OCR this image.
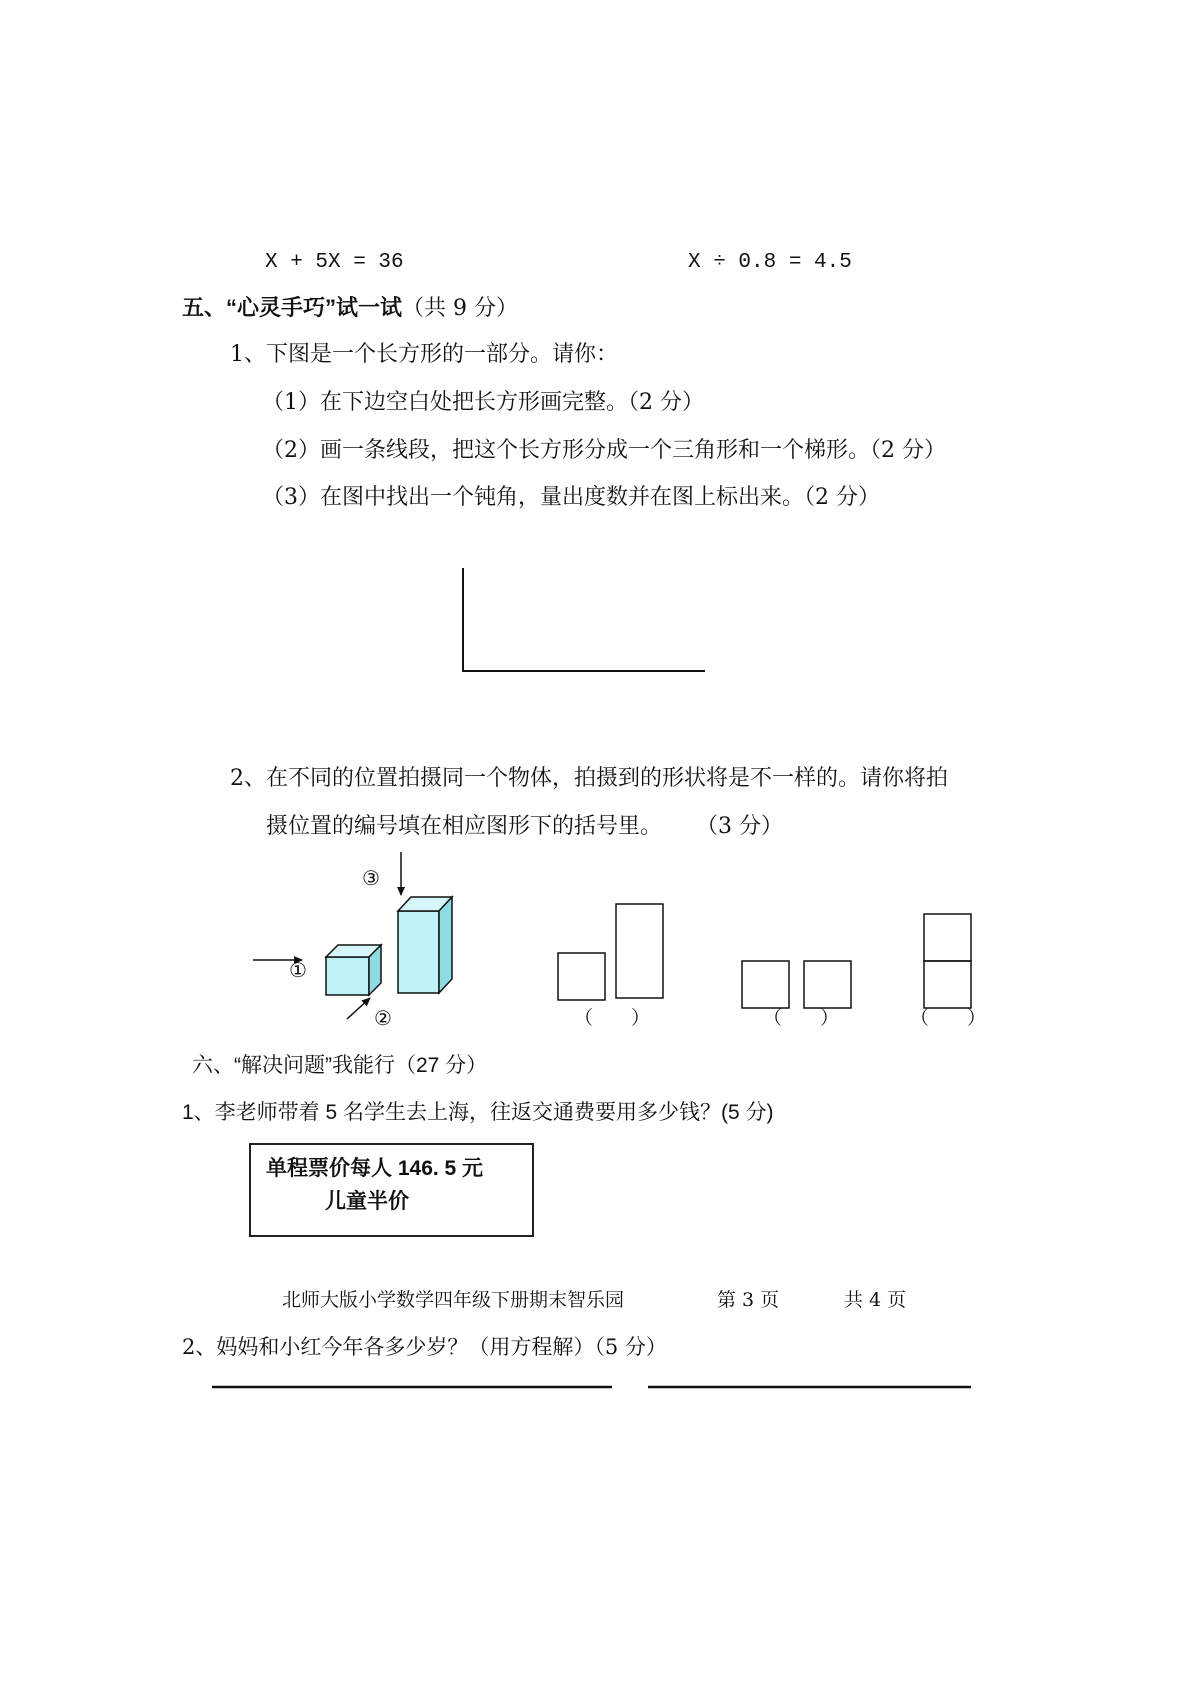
X + 5X = 36	X ÷ 0.8 = 4.5
五、“心灵手巧”试一试（共 9 分）
1、下图是一个长方形的一部分。请你：
（1）在下边空白处把长方形画完整。（2 分）
（2）画一条线段，把这个长方形分成一个三角形和一个梯形。（2 分）
（3）在图中找出一个钝角，量出度数并在图上标出来。（2 分）
2、在不同的位置拍摄同一个物体，拍摄到的形状将是不一样的。请你将拍
摄位置的编号填在相应图形下的括号里。 （3 分）
①
②
③
（　　）	（　　）	（　　）
六、“解决问题”我能行（27 分）
1、李老师带着 5 名学生去上海，往返交通费要用多少钱？(5 分)
单程票价每人 146. 5 元
儿童半价
北师大版小学数学四年级下册期末智乐园	第 3 页	共 4 页
2、妈妈和小红今年各多少岁？（用方程解）（5 分）
